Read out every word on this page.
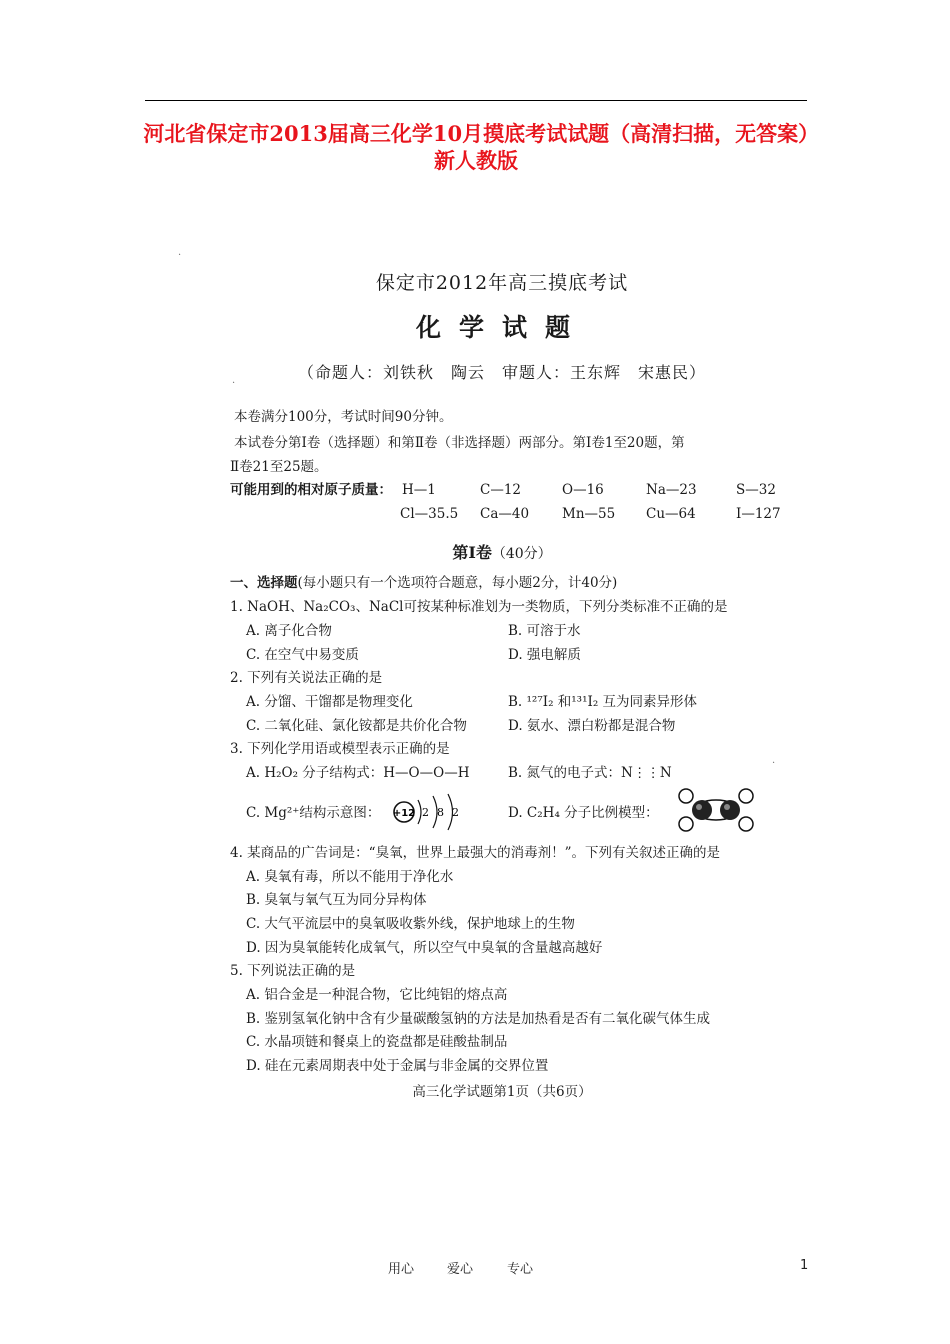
河北省保定市2013届高三化学10月摸底考试试题（高清扫描，无答案）新人教版
保定市2012年高三摸底考试
化学试题
（命题人：刘铁秋　陶云　审题人：王东辉　宋惠民）
本卷满分100分，考试时间90分钟。
本试卷分第Ⅰ卷（选择题）和第Ⅱ卷（非选择题）两部分。第Ⅰ卷1至20题，第
Ⅱ卷21至25题。
可能用到的相对原子质量： H—1	C—12	O—16	Na—23	S—32
Cl—35.5 Ca—40 Mn—55 Cu—64	I—127
第Ⅰ卷（40分）
一、选择题(每小题只有一个选项符合题意，每小题2分，计40分)
1. NaOH、Na₂CO₃、NaCl可按某种标准划为一类物质，下列分类标准不正确的是
A. 离子化合物	B. 可溶于水
C. 在空气中易变质	D. 强电解质
2. 下列有关说法正确的是
A. 分馏、干馏都是物理变化	B. ¹²⁷I₂ 和¹³¹I₂ 互为同素异形体
C. 二氧化硅、氯化铵都是共价化合物	D. 氨水、漂白粉都是混合物
3. 下列化学用语或模型表示正确的是
A. H₂O₂ 分子结构式：H—O—O—H	B. 氮气的电子式：N⋮⋮N
C. Mg²⁺结构示意图： +12 2 8 2	D. C₂H₄ 分子比例模型：
4. 某商品的广告词是：“臭氧，世界上最强大的消毒剂！”。下列有关叙述正确的是
A. 臭氧有毒，所以不能用于净化水
B. 臭氧与氧气互为同分异构体
C. 大气平流层中的臭氧吸收紫外线，保护地球上的生物
D. 因为臭氧能转化成氧气，所以空气中臭氧的含量越高越好
5. 下列说法正确的是
A. 铝合金是一种混合物，它比纯铝的熔点高
B. 鉴别氢氧化钠中含有少量碳酸氢钠的方法是加热看是否有二氧化碳气体生成
C. 水晶项链和餐桌上的瓷盘都是硅酸盐制品
D. 硅在元素周期表中处于金属与非金属的交界位置
高三化学试题第1页（共6页）
·
·
·
用心	爱心	专心	1
